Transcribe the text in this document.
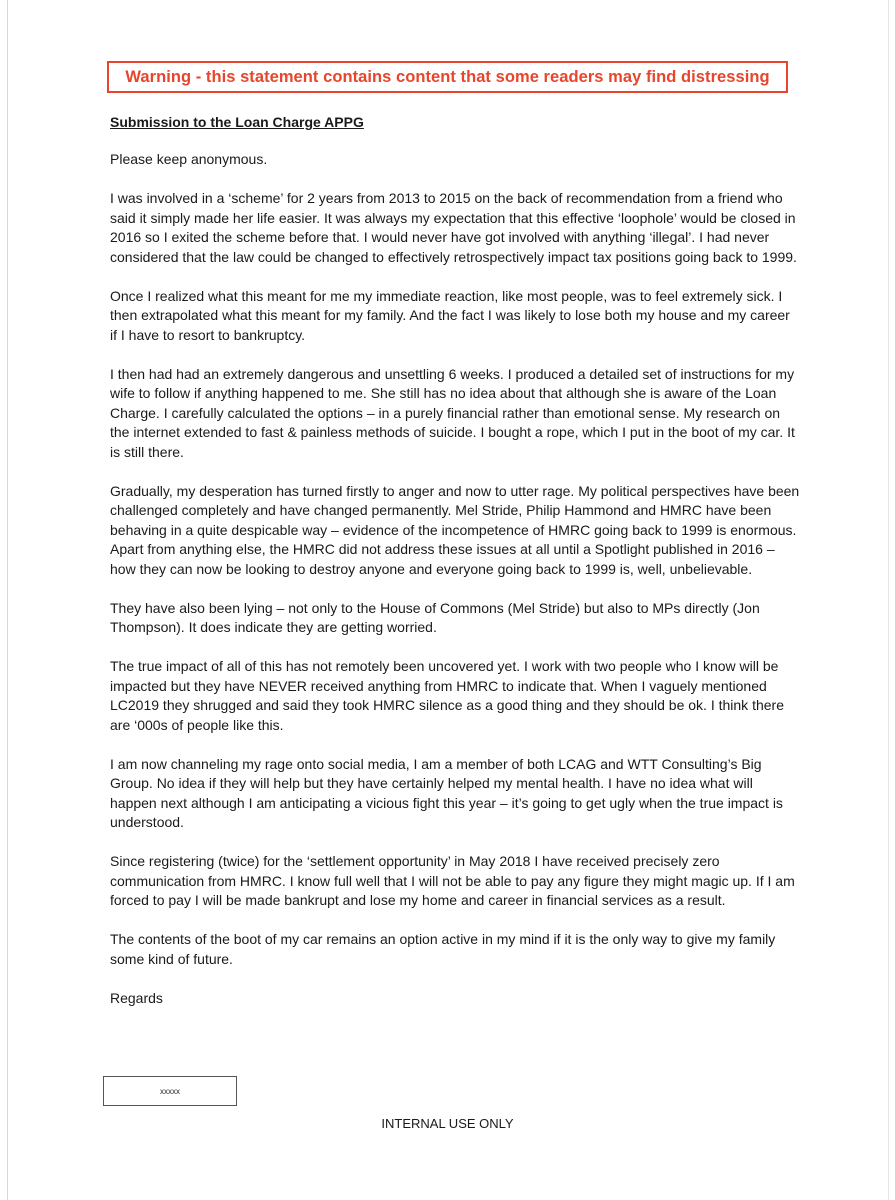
Warning - this statement contains content that some readers may find distressing

Submission to the Loan Charge APPG

Please keep anonymous.

I was involved in a ‘scheme’ for 2 years from 2013 to 2015 on the back of recommendation from a friend who said it simply made her life easier. It was always my expectation that this effective ‘loophole’ would be closed in 2016 so I exited the scheme before that. I would never have got involved with anything ‘illegal’. I had never considered that the law could be changed to effectively retrospectively impact tax positions going back to 1999.

Once I realized what this meant for me my immediate reaction, like most people, was to feel extremely sick. I then extrapolated what this meant for my family. And the fact I was likely to lose both my house and my career if I have to resort to bankruptcy.

I then had had an extremely dangerous and unsettling 6 weeks. I produced a detailed set of instructions for my wife to follow if anything happened to me. She still has no idea about that although she is aware of the Loan Charge. I carefully calculated the options – in a purely financial rather than emotional sense. My research on the internet extended to fast & painless methods of suicide. I bought a rope, which I put in the boot of my car. It is still there.

Gradually, my desperation has turned firstly to anger and now to utter rage. My political perspectives have been challenged completely and have changed permanently. Mel Stride, Philip Hammond and HMRC have been behaving in a quite despicable way – evidence of the incompetence of HMRC going back to 1999 is enormous. Apart from anything else, the HMRC did not address these issues at all until a Spotlight published in 2016 – how they can now be looking to destroy anyone and everyone going back to 1999 is, well, unbelievable.

They have also been lying – not only to the House of Commons (Mel Stride) but also to MPs directly (Jon Thompson). It does indicate they are getting worried.

The true impact of all of this has not remotely been uncovered yet. I work with two people who I know will be impacted but they have NEVER received anything from HMRC to indicate that. When I vaguely mentioned LC2019 they shrugged and said they took HMRC silence as a good thing and they should be ok. I think there are ‘000s of people like this.

I am now channeling my rage onto social media, I am a member of both LCAG and WTT Consulting’s Big Group. No idea if they will help but they have certainly helped my mental health. I have no idea what will happen next although I am anticipating a vicious fight this year – it’s going to get ugly when the true impact is understood.

Since registering (twice) for the ‘settlement opportunity’ in May 2018 I have received precisely zero communication from HMRC. I know full well that I will not be able to pay any figure they might magic up. If I am forced to pay I will be made bankrupt and lose my home and career in financial services as a result.

The contents of the boot of my car remains an option active in my mind if it is the only way to give my family some kind of future.

Regards

xxxxx
INTERNAL USE ONLY
